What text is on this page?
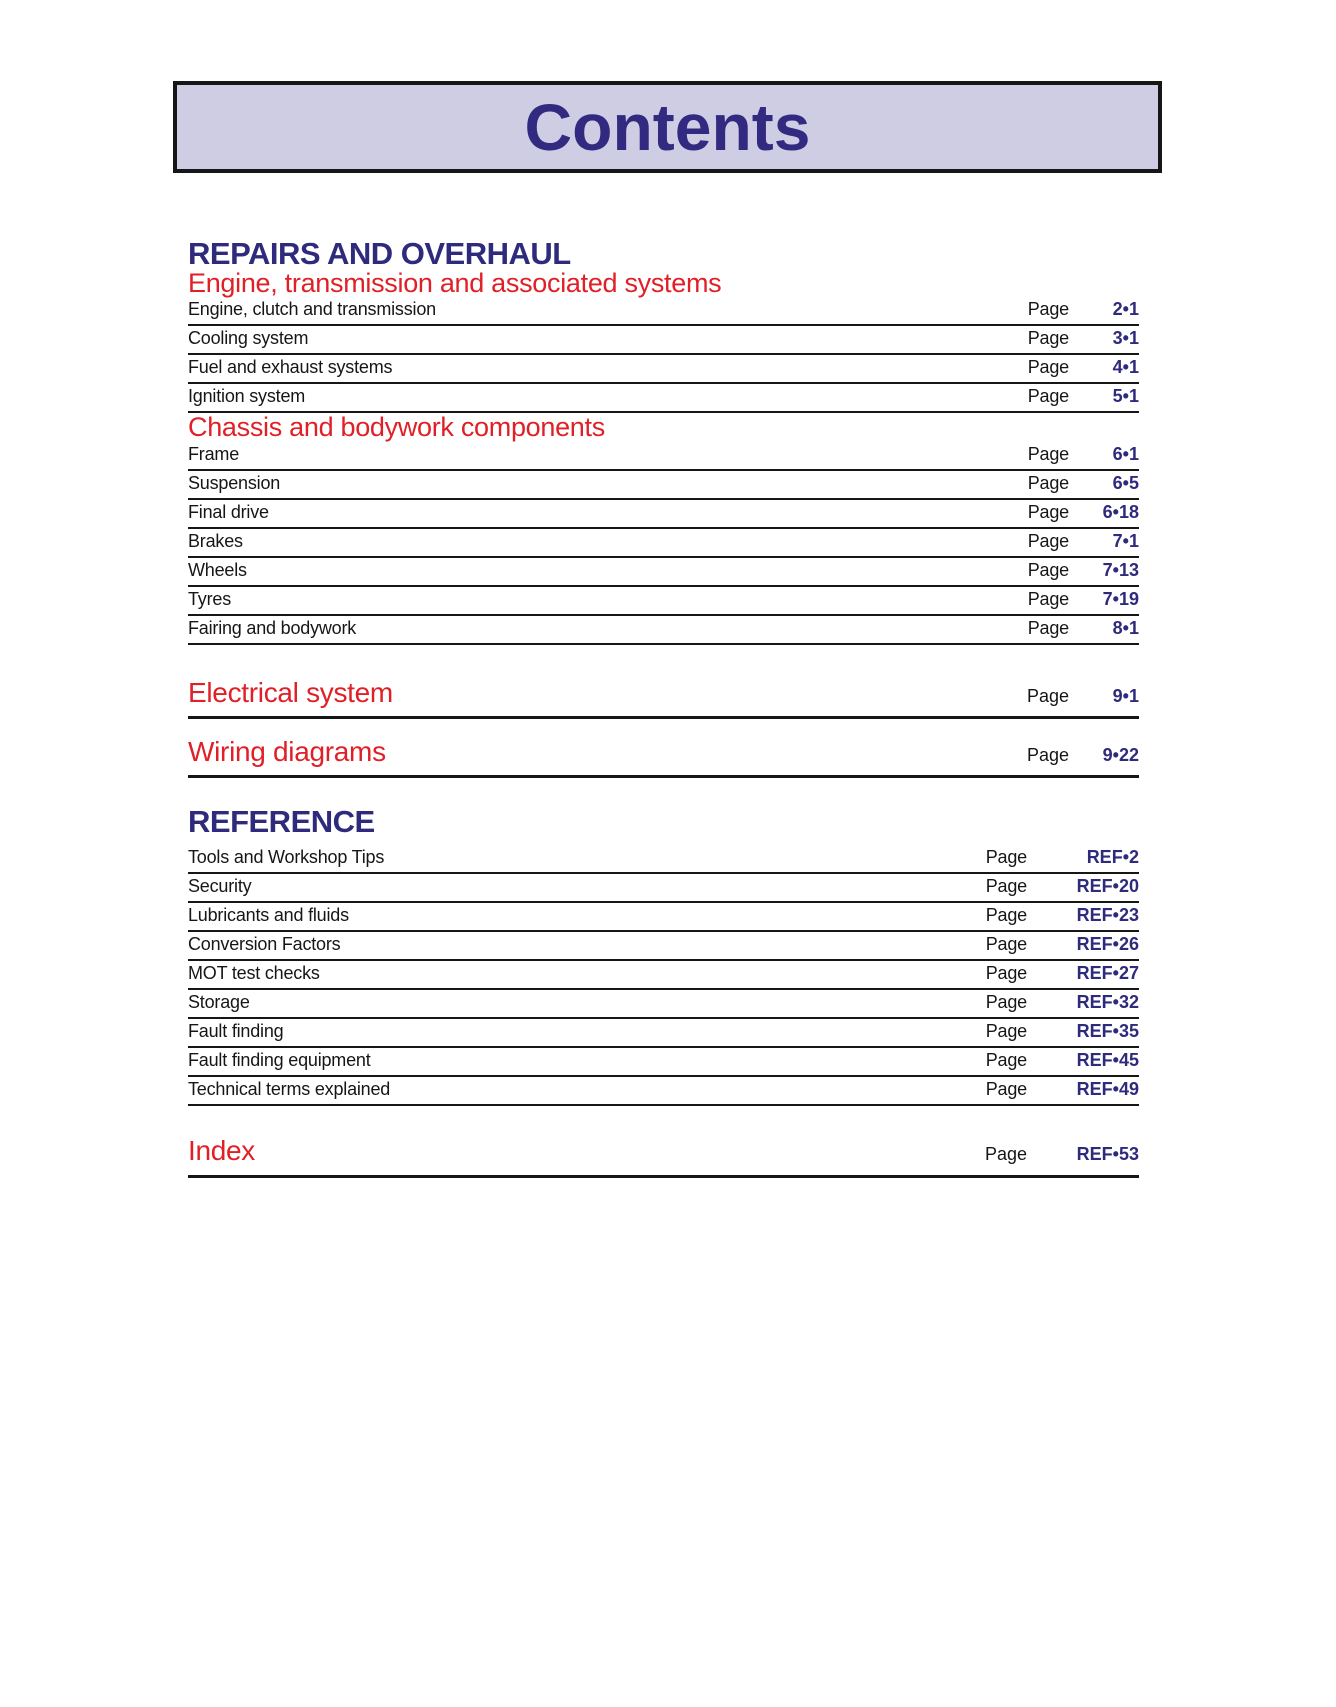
Contents
REPAIRS AND OVERHAUL
Engine, transmission and associated systems
Engine, clutch and transmission	Page	2•1
Cooling system	Page	3•1
Fuel and exhaust systems	Page	4•1
Ignition system	Page	5•1
Chassis and bodywork components
Frame	Page	6•1
Suspension	Page	6•5
Final drive	Page	6•18
Brakes	Page	7•1
Wheels	Page	7•13
Tyres	Page	7•19
Fairing and bodywork	Page	8•1
Electrical system	Page	9•1
Wiring diagrams	Page	9•22
REFERENCE
Tools and Workshop Tips	Page	REF•2
Security	Page	REF•20
Lubricants and fluids	Page	REF•23
Conversion Factors	Page	REF•26
MOT test checks	Page	REF•27
Storage	Page	REF•32
Fault finding	Page	REF•35
Fault finding equipment	Page	REF•45
Technical terms explained	Page	REF•49
Index	Page	REF•53
